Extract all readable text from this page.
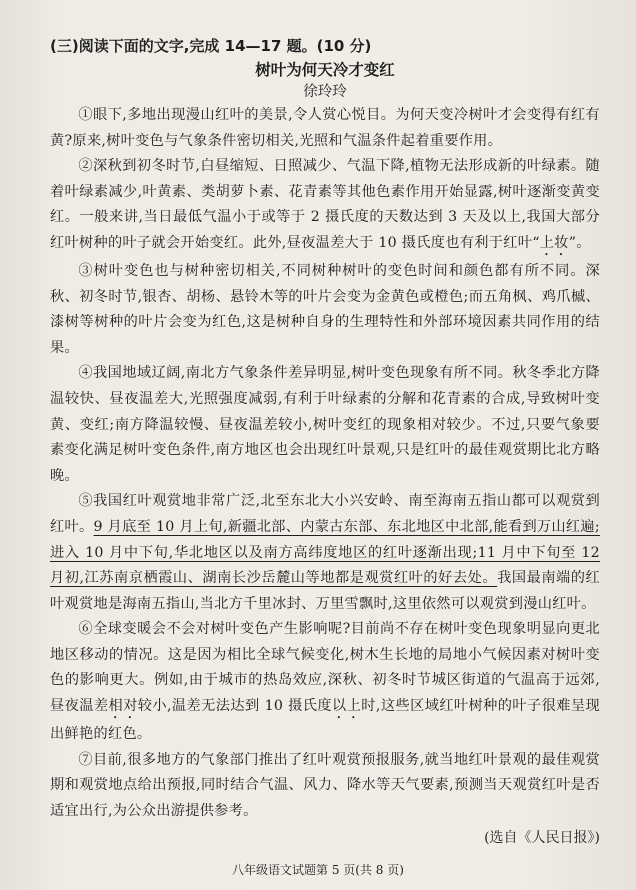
(三)阅读下面的文字,完成 14—17 题。(10 分)

树叶为何天冷才变红

徐玲玲

①眼下,多地出现漫山红叶的美景,令人赏心悦目。为何天变冷树叶才会变得有红有黄?原来,树叶变色与气象条件密切相关,光照和气温条件起着重要作用。

②深秋到初冬时节,白昼缩短、日照减少、气温下降,植物无法形成新的叶绿素。随着叶绿素减少,叶黄素、类胡萝卜素、花青素等其他色素作用开始显露,树叶逐渐变黄变红。一般来讲,当日最低气温小于或等于 2 摄氏度的天数达到 3 天及以上,我国大部分红叶树种的叶子就会开始变红。此外,昼夜温差大于 10 摄氏度也有利于红叶“上妆”。

③树叶变色也与树种密切相关,不同树种树叶的变色时间和颜色都有所不同。深秋、初冬时节,银杏、胡杨、悬铃木等的叶片会变为金黄色或橙色;而五角枫、鸡爪槭、漆树等树种的叶片会变为红色,这是树种自身的生理特性和外部环境因素共同作用的结果。

④我国地域辽阔,南北方气象条件差异明显,树叶变色现象有所不同。秋冬季北方降温较快、昼夜温差大,光照强度减弱,有利于叶绿素的分解和花青素的合成,导致树叶变黄、变红;南方降温较慢、昼夜温差较小,树叶变红的现象相对较少。不过,只要气象要素变化满足树叶变色条件,南方地区也会出现红叶景观,只是红叶的最佳观赏期比北方略晚。

⑤我国红叶观赏地非常广泛,北至东北大小兴安岭、南至海南五指山都可以观赏到红叶。9 月底至 10 月上旬,新疆北部、内蒙古东部、东北地区中北部,能看到万山红遍;进入 10 月中下旬,华北地区以及南方高纬度地区的红叶逐渐出现;11 月中下旬至 12 月初,江苏南京栖霞山、湖南长沙岳麓山等地都是观赏红叶的好去处。我国最南端的红叶观赏地是海南五指山,当北方千里冰封、万里雪飘时,这里依然可以观赏到漫山红叶。

⑥全球变暖会不会对树叶变色产生影响呢?目前尚不存在树叶变色现象明显向更北地区移动的情况。这是因为相比全球气候变化,树木生长地的局地小气候因素对树叶变色的影响更大。例如,由于城市的热岛效应,深秋、初冬时节城区街道的气温高于远郊,昼夜温差相对较小,温差无法达到 10 摄氏度以上时,这些区域红叶树种的叶子很难呈现出鲜艳的红色。

⑦目前,很多地方的气象部门推出了红叶观赏预报服务,就当地红叶景观的最佳观赏期和观赏地点给出预报,同时结合气温、风力、降水等天气要素,预测当天观赏红叶是否适宜出行,为公众出游提供参考。

(选自《人民日报》)

八年级语文试题第 5 页(共 8 页)
